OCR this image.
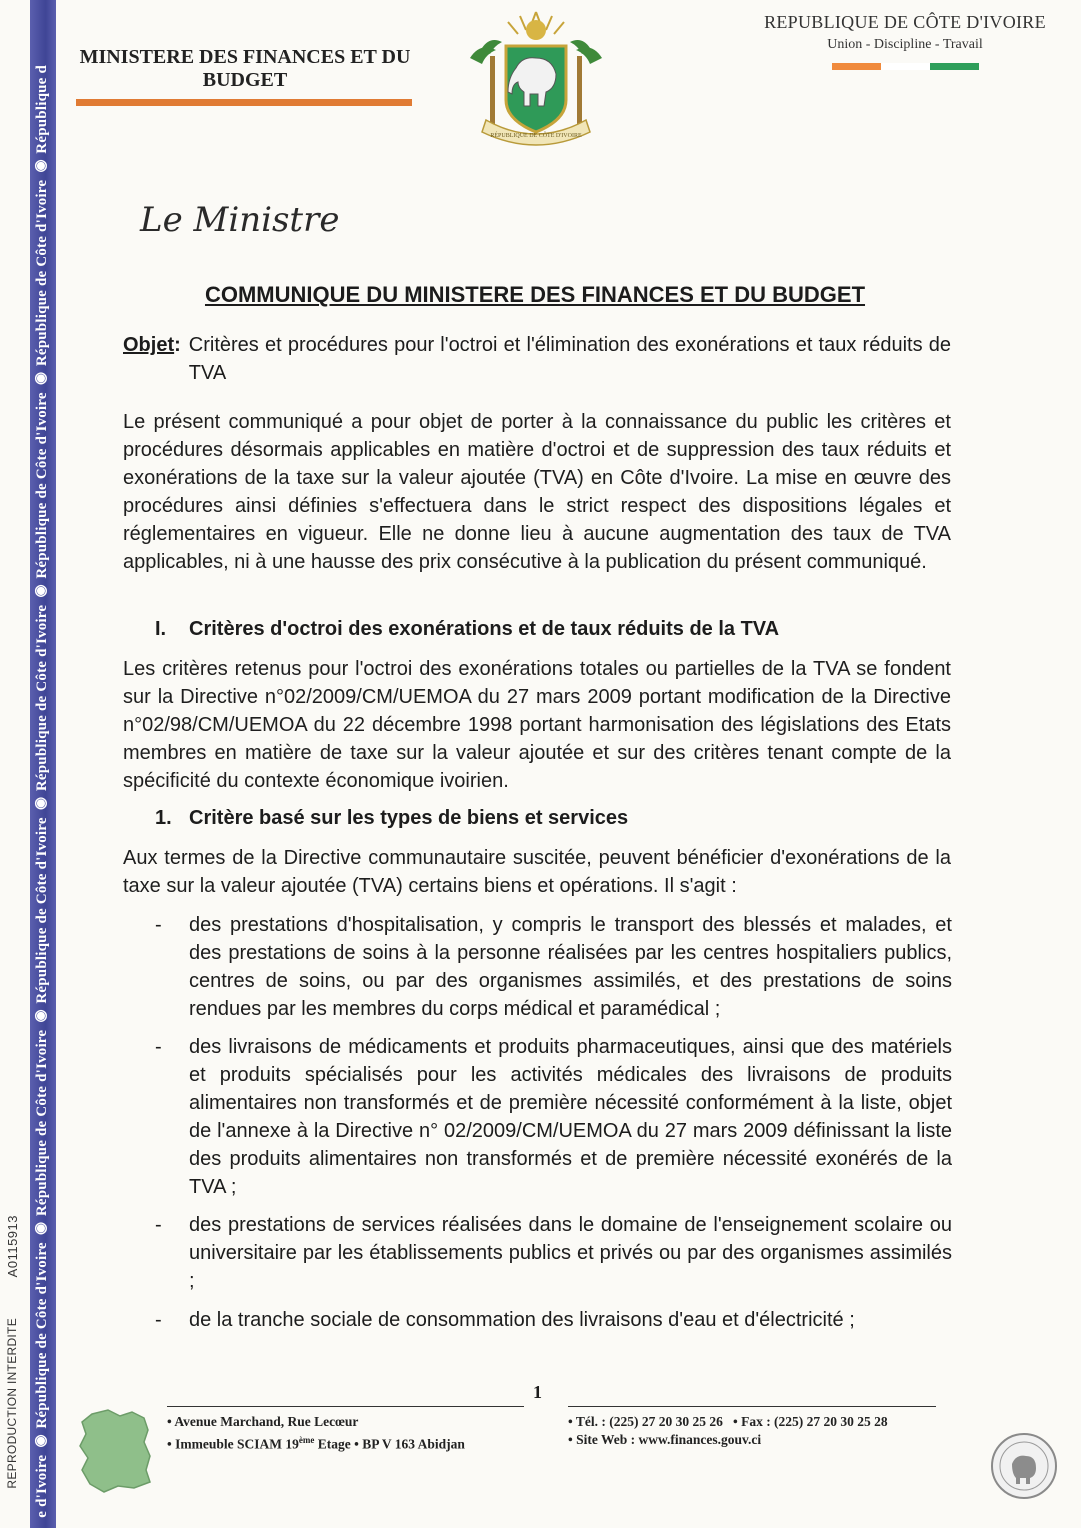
e d'Ivoire ◉ République de Côte d'Ivoire ◉ République de Côte d'Ivoire ◉ République de Côte d'Ivoire ◉ République de Côte d'Ivoire ◉ République de Côte d'Ivoire ◉ République de Côte d'Ivoire ◉ République d
A0115913
REPRODUCTION INTERDITE
MINISTERE DES FINANCES ET DU BUDGET
RÉPUBLIQUE DE CÔTE D'IVOIRE
REPUBLIQUE DE CÔTE D'IVOIRE
Union - Discipline - Travail
Le Ministre
COMMUNIQUE DU MINISTERE DES FINANCES ET DU BUDGET
Objet : Critères et procédures pour l'octroi et l'élimination des exonérations et taux réduits de TVA

Le présent communiqué a pour objet de porter à la connaissance du public les critères et procédures désormais applicables en matière d'octroi et de suppression des taux réduits et exonérations de la taxe sur la valeur ajoutée (TVA) en Côte d'Ivoire. La mise en œuvre des procédures ainsi définies s'effectuera dans le strict respect des dispositions légales et réglementaires en vigueur. Elle ne donne lieu à aucune augmentation des taux de TVA applicables, ni à une hausse des prix consécutive à la publication du présent communiqué.

I. Critères d'octroi des exonérations et de taux réduits de la TVA

Les critères retenus pour l'octroi des exonérations totales ou partielles de la TVA se fondent sur la Directive n°02/2009/CM/UEMOA du 27 mars 2009 portant modification de la Directive n°02/98/CM/UEMOA du 22 décembre 1998 portant harmonisation des législations des Etats membres en matière de taxe sur la valeur ajoutée et sur des critères tenant compte de la spécificité du contexte économique ivoirien.

1. Critère basé sur les types de biens et services

Aux termes de la Directive communautaire suscitée, peuvent bénéficier d'exonérations de la taxe sur la valeur ajoutée (TVA) certains biens et opérations. Il s'agit :

-	des prestations d'hospitalisation, y compris le transport des blessés et malades, et des prestations de soins à la personne réalisées par les centres hospitaliers publics, centres de soins, ou par des organismes assimilés, et des prestations de soins rendues par les membres du corps médical et paramédical ;
-	des livraisons de médicaments et produits pharmaceutiques, ainsi que des matériels et produits spécialisés pour les activités médicales des livraisons de produits alimentaires non transformés et de première nécessité conformément à la liste, objet de l'annexe à la Directive n° 02/2009/CM/UEMOA du 27 mars 2009 définissant la liste des produits alimentaires non transformés et de première nécessité exonérés de la TVA ;
-	des prestations de services réalisées dans le domaine de l'enseignement scolaire ou universitaire par les établissements publics et privés ou par des organismes assimilés ;
-	de la tranche sociale de consommation des livraisons d'eau et d'électricité ;
1
• Avenue Marchand, Rue Lecœur
• Immeuble SCIAM 19ème Etage • BP V 163 Abidjan
• Tél. : (225) 27 20 30 25 26   • Fax : (225) 27 20 30 25 28
• Site Web : www.finances.gouv.ci
